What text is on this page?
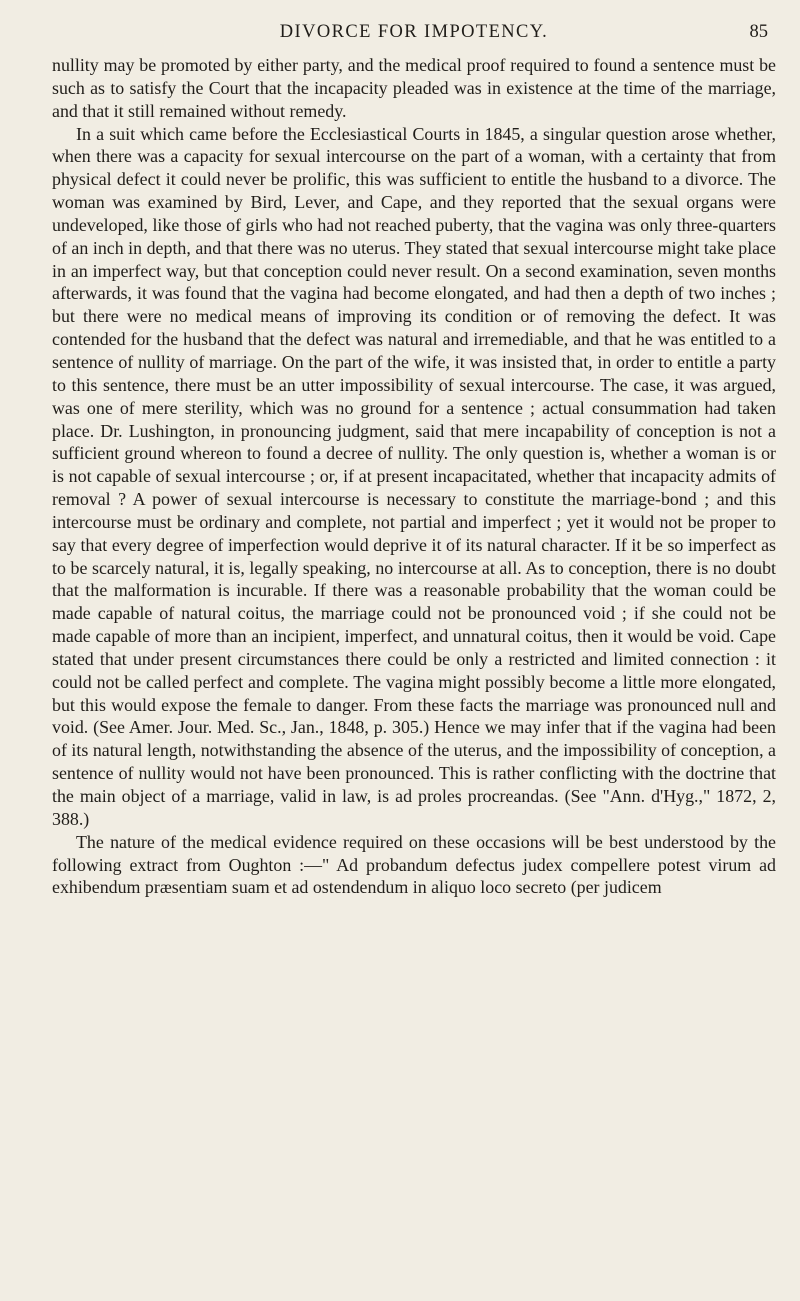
DIVORCE FOR IMPOTENCY.	85

nullity may be promoted by either party, and the medical proof required to found a sentence must be such as to satisfy the Court that the incapacity pleaded was in existence at the time of the marriage, and that it still remained without remedy.

In a suit which came before the Ecclesiastical Courts in 1845, a singular question arose whether, when there was a capacity for sexual intercourse on the part of a woman, with a certainty that from physical defect it could never be prolific, this was sufficient to entitle the husband to a divorce. The woman was examined by Bird, Lever, and Cape, and they reported that the sexual organs were undeveloped, like those of girls who had not reached puberty, that the vagina was only three-quarters of an inch in depth, and that there was no uterus. They stated that sexual intercourse might take place in an imperfect way, but that conception could never result. On a second examination, seven months afterwards, it was found that the vagina had become elongated, and had then a depth of two inches ; but there were no medical means of improving its condition or of removing the defect. It was contended for the husband that the defect was natural and irremediable, and that he was entitled to a sentence of nullity of marriage. On the part of the wife, it was insisted that, in order to entitle a party to this sentence, there must be an utter impossibility of sexual intercourse. The case, it was argued, was one of mere sterility, which was no ground for a sentence ; actual consummation had taken place. Dr. Lushington, in pronouncing judgment, said that mere incapability of conception is not a sufficient ground whereon to found a decree of nullity. The only question is, whether a woman is or is not capable of sexual intercourse ; or, if at present incapacitated, whether that incapacity admits of removal ? A power of sexual intercourse is necessary to constitute the marriage-bond ; and this intercourse must be ordinary and complete, not partial and imperfect ; yet it would not be proper to say that every degree of imperfection would deprive it of its natural character. If it be so imperfect as to be scarcely natural, it is, legally speaking, no intercourse at all. As to conception, there is no doubt that the malformation is incurable. If there was a reasonable probability that the woman could be made capable of natural coitus, the marriage could not be pronounced void ; if she could not be made capable of more than an incipient, imperfect, and unnatural coitus, then it would be void. Cape stated that under present circumstances there could be only a restricted and limited connection : it could not be called perfect and complete. The vagina might possibly become a little more elongated, but this would expose the female to danger. From these facts the marriage was pronounced null and void. (See Amer. Jour. Med. Sc., Jan., 1848, p. 305.) Hence we may infer that if the vagina had been of its natural length, notwithstanding the absence of the uterus, and the impossibility of conception, a sentence of nullity would not have been pronounced. This is rather conflicting with the doctrine that the main object of a marriage, valid in law, is ad proles procreandas. (See "Ann. d'Hyg.," 1872, 2, 388.)

The nature of the medical evidence required on these occasions will be best understood by the following extract from Oughton :—" Ad probandum defectus judex compellere potest virum ad exhibendum præsentiam suam et ad ostendendum in aliquo loco secreto (per judicem
